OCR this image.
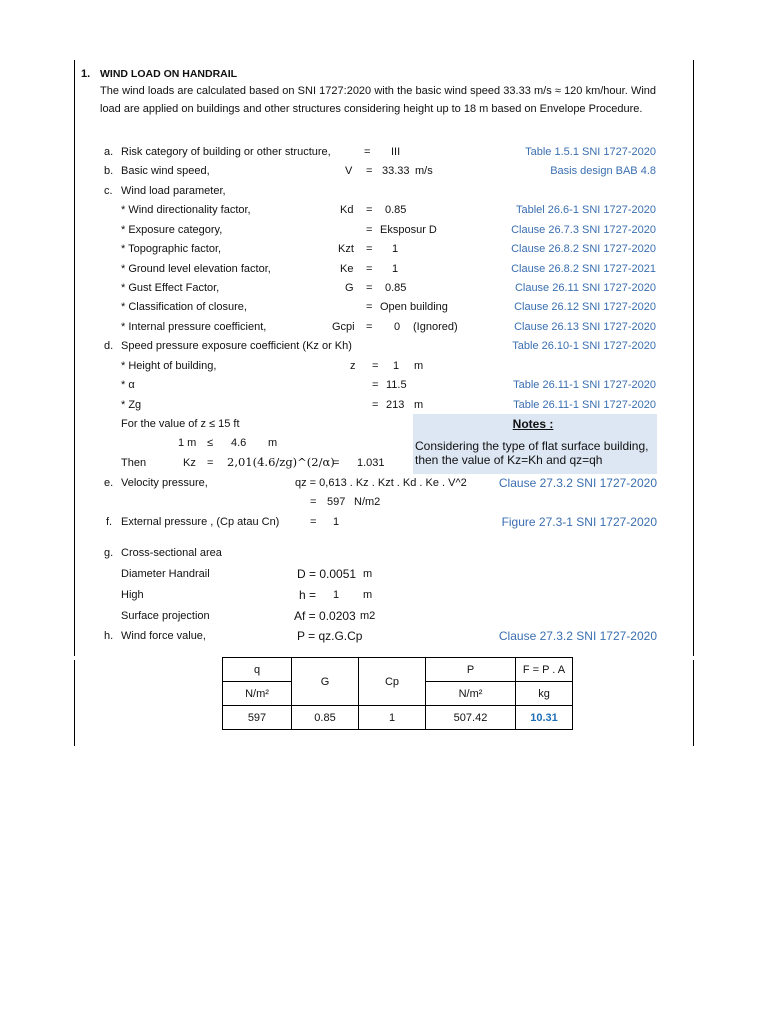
1. WIND LOAD ON HANDRAIL
The wind loads are calculated based on SNI 1727:2020 with the basic wind speed 33.33 m/s ≈ 120 km/hour. Wind load are applied on buildings and other structures considering height up to 18 m based on Envelope Procedure.
a. Risk category of building or other structure,	= III	Table 1.5.1 SNI 1727-2020
b. Basic wind speed,	V = 33.33 m/s	Basis design BAB 4.8
c. Wind load parameter,
* Wind directionality factor,	Kd = 0.85	Tablel 26.6-1 SNI 1727-2020
* Exposure category,	= Eksposur D	Clause 26.7.3 SNI 1727-2020
* Topographic factor,	Kzt = 1	Clause 26.8.2 SNI 1727-2020
* Ground level elevation factor,	Ke = 1	Clause 26.8.2 SNI 1727-2021
* Gust Effect Factor,	G = 0.85	Clause 26.11 SNI 1727-2020
* Classification of closure,	= Open building	Clause 26.12 SNI 1727-2020
* Internal pressure coefficient,	Gcpi = 0 (Ignored)	Clause 26.13 SNI 1727-2020
d. Speed pressure exposure coefficient (Kz or Kh)	Table 26.10-1 SNI 1727-2020
* Height of building,	z = 1 m
* α	= 11.5	Table 26.11-1 SNI 1727-2020
* Zg	= 213 m	Table 26.11-1 SNI 1727-2020
For the value of z ≤ 15 ft
1 m ≤ 4.6 m
Then	Kz = 2,01(4.6/zg)^(2/α)
= 1.031
Notes :
Considering the type of flat surface building,
then the value of Kz=Kh and qz=qh
e. Velocity pressure,	qz = 0,613 . Kz . Kzt . Kd . Ke . V^2	Clause 27.3.2 SNI 1727-2020
= 597 N/m2
f. External pressure , (Cp atau Cn)	= 1	Figure 27.3-1 SNI 1727-2020
g. Cross-sectional area
Diameter Handrail	D = 0.0051 m
High	h = 1 m
Surface projection	Af = 0.0203 m2
h. Wind force value,	P = qz.G.Cp	Clause 27.3.2 SNI 1727-2020
q	G	Cp	P	F = P . A
N/m²			N/m²	kg
597	0.85	1	507.42	10.31
